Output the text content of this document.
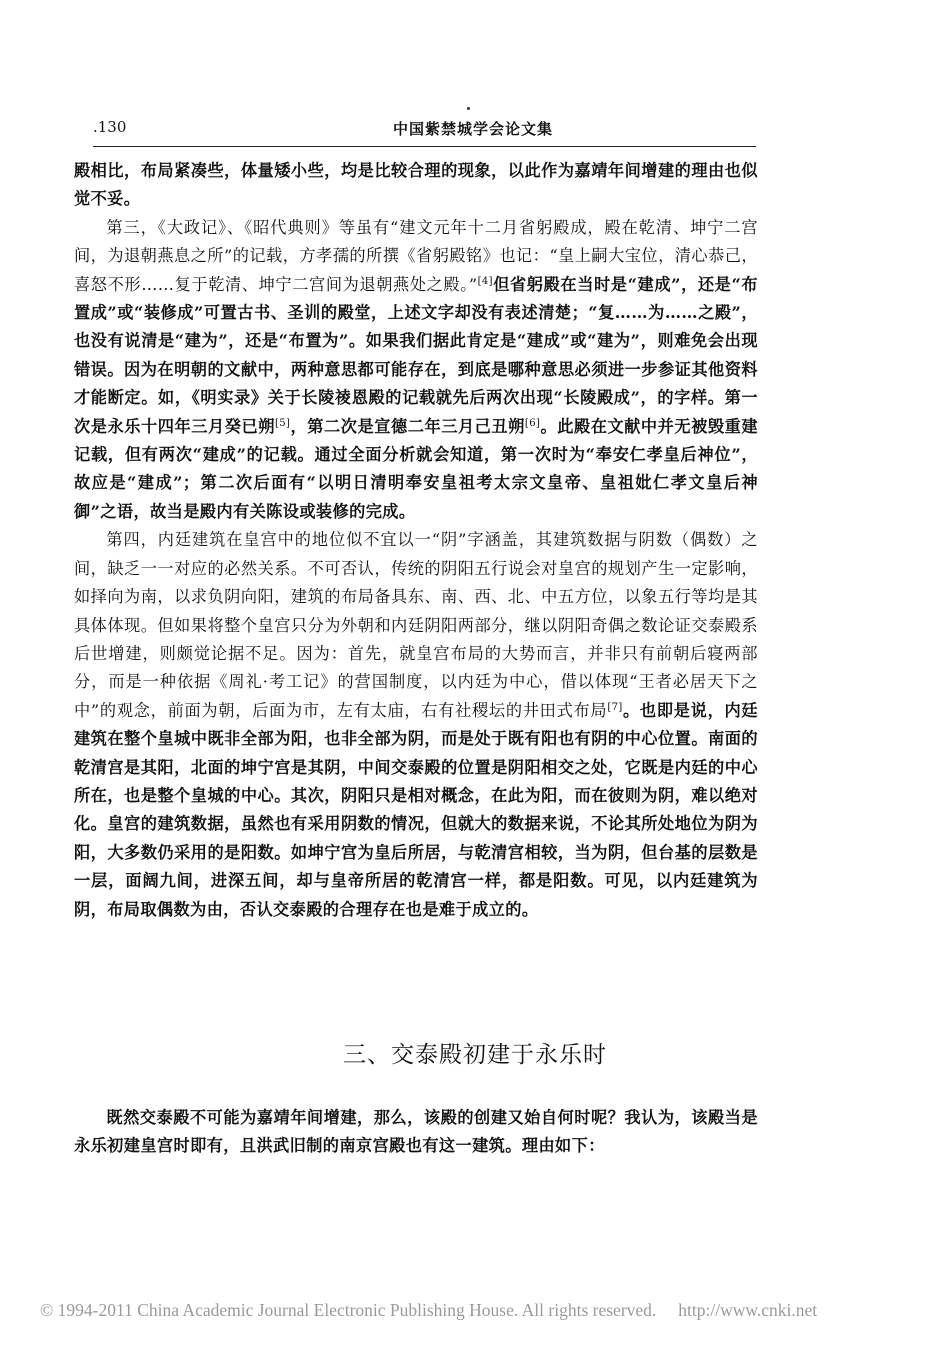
.130	中国紫禁城学会论文集

殿相比，布局紧凑些，体量矮小些，均是比较合理的现象，以此作为嘉靖年间增建的理由也似觉不妥。

第三，《大政记》、《昭代典则》等虽有“建文元年十二月省躬殿成，殿在乾清、坤宁二宫间，为退朝燕息之所”的记载，方孝孺的所撰《省躬殿铭》也记：“皇上嗣大宝位，清心恭己，喜怒不形……复于乾清、坤宁二宫间为退朝燕处之殿。”[4]但省躬殿在当时是“建成”，还是“布置成”或“装修成”可置古书、圣训的殿堂，上述文字却没有表述清楚；“复……为……之殿”，也没有说清是“建为”，还是“布置为”。如果我们据此肯定是“建成”或“建为”，则难免会出现错误。因为在明朝的文献中，两种意思都可能存在，到底是哪种意思必须进一步参证其他资料才能断定。如，《明实录》关于长陵祾恩殿的记载就先后两次出现“长陵殿成”，的字样。第一次是永乐十四年三月癸已朔[5]，第二次是宣德二年三月己丑朔[6]。此殿在文献中并无被毁重建记载，但有两次“建成”的记载。通过全面分析就会知道，第一次时为“奉安仁孝皇后神位”，故应是“建成”；第二次后面有“以明日清明奉安皇祖考太宗文皇帝、皇祖妣仁孝文皇后神御”之语，故当是殿内有关陈设或装修的完成。

第四，内廷建筑在皇宫中的地位似不宜以一“阴”字涵盖，其建筑数据与阴数（偶数）之间，缺乏一一对应的必然关系。不可否认，传统的阴阳五行说会对皇宫的规划产生一定影响，如择向为南，以求负阴向阳，建筑的布局备具东、南、西、北、中五方位，以象五行等均是其具体体现。但如果将整个皇宫只分为外朝和内廷阴阳两部分，继以阴阳奇偶之数论证交泰殿系后世增建，则颇觉论据不足。因为：首先，就皇宫布局的大势而言，并非只有前朝后寝两部分，而是一种依据《周礼·考工记》的营国制度，以内廷为中心，借以体现“王者必居天下之中”的观念，前面为朝，后面为市，左有太庙，右有社稷坛的井田式布局[7]。也即是说，内廷建筑在整个皇城中既非全部为阳，也非全部为阴，而是处于既有阳也有阴的中心位置。南面的乾清宫是其阳，北面的坤宁宫是其阴，中间交泰殿的位置是阴阳相交之处，它既是内廷的中心所在，也是整个皇城的中心。其次，阴阳只是相对概念，在此为阳，而在彼则为阴，难以绝对化。皇宫的建筑数据，虽然也有采用阴数的情况，但就大的数据来说，不论其所处地位为阴为阳，大多数仍采用的是阳数。如坤宁宫为皇后所居，与乾清宫相较，当为阴，但台基的层数是一层，面阔九间，进深五间，却与皇帝所居的乾清宫一样，都是阳数。可见，以内廷建筑为阴，布局取偶数为由，否认交泰殿的合理存在也是难于成立的。

三、交泰殿初建于永乐时

既然交泰殿不可能为嘉靖年间增建，那么，该殿的创建又始自何时呢？我认为，该殿当是永乐初建皇宫时即有，且洪武旧制的南京宫殿也有这一建筑。理由如下：

© 1994-2011 China Academic Journal Electronic Publishing House. All rights reserved. http://www.cnki.net
